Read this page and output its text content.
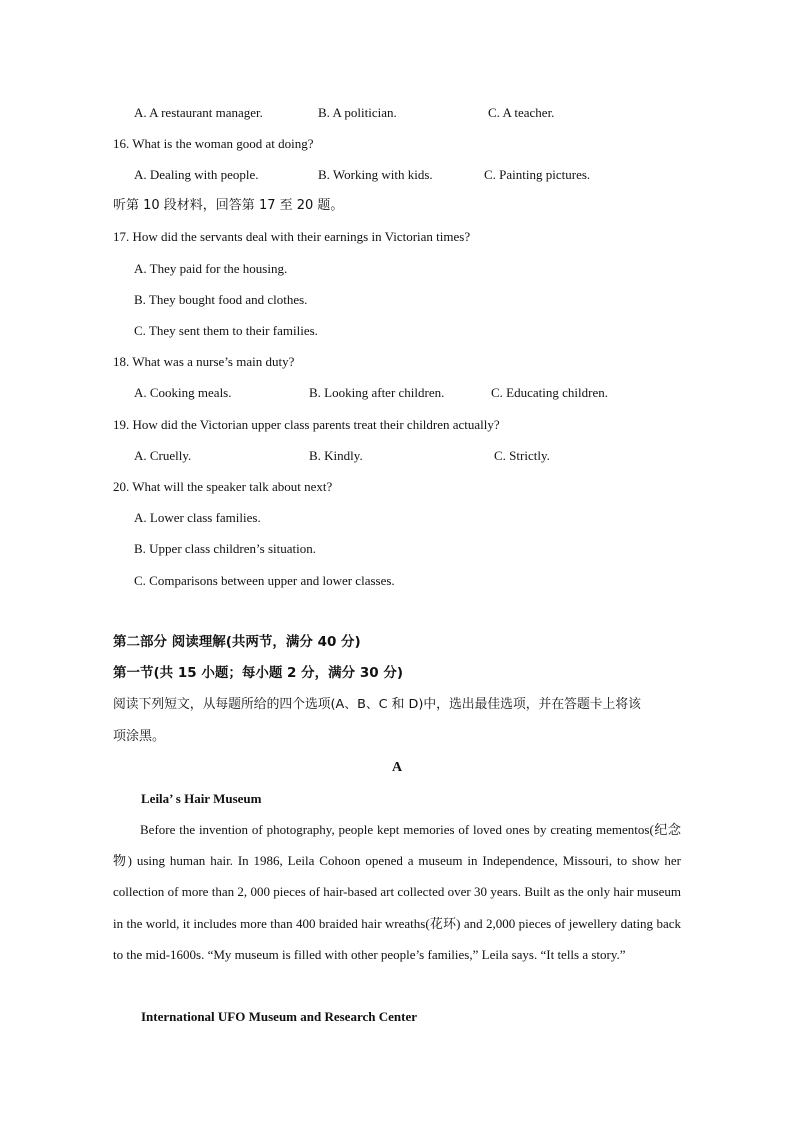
A. A restaurant manager.	B. A politician.	C. A teacher.
16. What is the woman good at doing?
A. Dealing with people.	B. Working with kids.	C. Painting pictures.
听第 10 段材料，回答第 17 至 20 题。
17. How did the servants deal with their earnings in Victorian times?
A. They paid for the housing.
B. They bought food and clothes.
C. They sent them to their families.
18. What was a nurse’s main duty?
A. Cooking meals.	B. Looking after children.	C. Educating children.
19. How did the Victorian upper class parents treat their children actually?
A. Cruelly.	B. Kindly.	C. Strictly.
20. What will the speaker talk about next?
A. Lower class families.
B. Upper class children’s situation.
C. Comparisons between upper and lower classes.
第二部分 阅读理解(共两节，满分 40 分)
第一节(共 15 小题；每小题 2 分，满分 30 分)
阅读下列短文，从每题所给的四个选项(A、B、C 和 D)中，选出最佳选项，并在答题卡上将该
项涂黑。
A
Leila’ s Hair Museum
Before the invention of photography, people kept memories of loved ones by creating mementos(纪念物) using human hair. In 1986, Leila Cohoon opened a museum in Independence, Missouri, to show her collection of more than 2, 000 pieces of hair-based art collected over 30 years. Built as the only hair museum in the world, it includes more than 400 braided hair wreaths(花环) and 2,000 pieces of jewellery dating back to the mid-1600s. “My museum is filled with other people’s families,” Leila says. “It tells a story.”
International UFO Museum and Research Center
